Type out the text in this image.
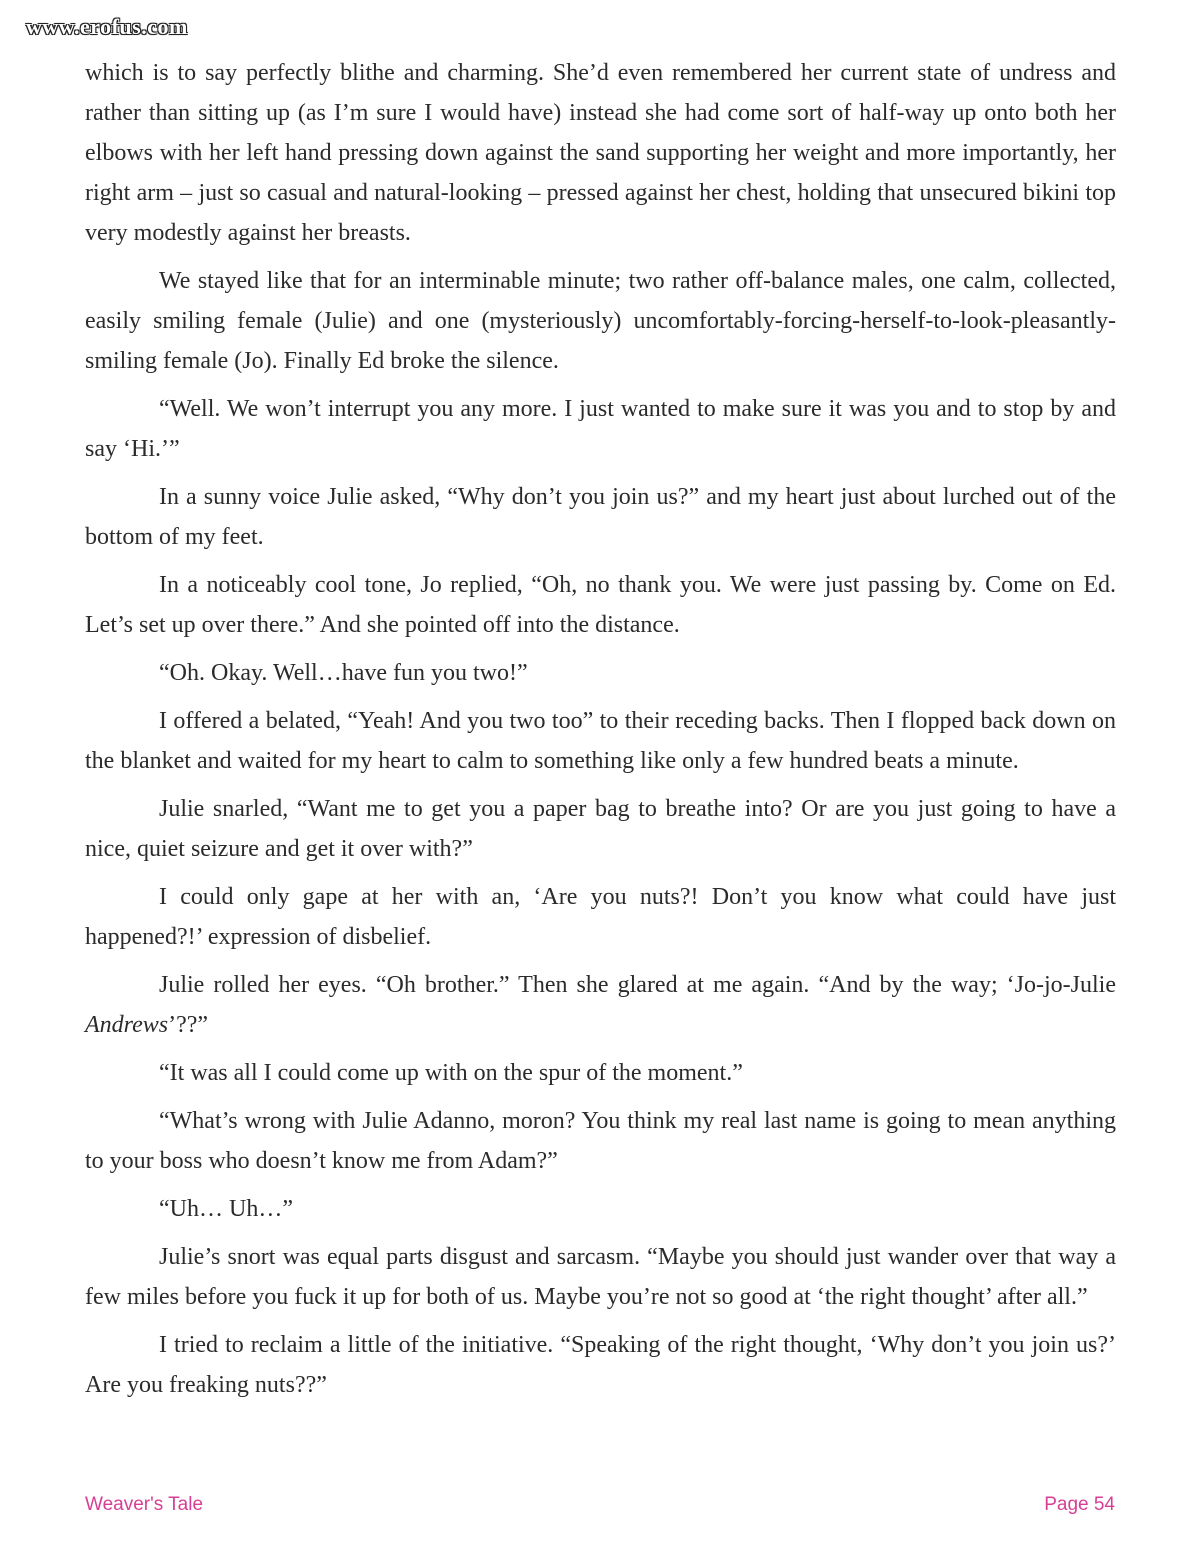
www.erofus.com

which is to say perfectly blithe and charming. She’d even remembered her current state of undress and rather than sitting up (as I’m sure I would have) instead she had come sort of half-way up onto both her elbows with her left hand pressing down against the sand supporting her weight and more importantly, her right arm – just so casual and natural-looking – pressed against her chest, holding that unsecured bikini top very modestly against her breasts.

We stayed like that for an interminable minute; two rather off-balance males, one calm, collected, easily smiling female (Julie) and one (mysteriously) uncomfortably-forcing-herself-to-look-pleasantly- smiling female (Jo). Finally Ed broke the silence.

“Well. We won’t interrupt you any more. I just wanted to make sure it was you and to stop by and say ‘Hi.’”

In a sunny voice Julie asked, “Why don’t you join us?” and my heart just about lurched out of the bottom of my feet.

In a noticeably cool tone, Jo replied, “Oh, no thank you. We were just passing by. Come on Ed. Let’s set up over there.” And she pointed off into the distance.

“Oh. Okay. Well…have fun you two!”

I offered a belated, “Yeah! And you two too” to their receding backs. Then I flopped back down on the blanket and waited for my heart to calm to something like only a few hundred beats a minute.

Julie snarled, “Want me to get you a paper bag to breathe into? Or are you just going to have a nice, quiet seizure and get it over with?”

I could only gape at her with an, ‘Are you nuts?! Don’t you know what could have just happened?!’ expression of disbelief.

Julie rolled her eyes. “Oh brother.” Then she glared at me again. “And by the way; ‘Jo-jo-Julie Andrews’??”

“It was all I could come up with on the spur of the moment.”

“What’s wrong with Julie Adanno, moron? You think my real last name is going to mean anything to your boss who doesn’t know me from Adam?”

“Uh… Uh…”

Julie’s snort was equal parts disgust and sarcasm. “Maybe you should just wander over that way a few miles before you fuck it up for both of us. Maybe you’re not so good at ‘the right thought’ after all.”

I tried to reclaim a little of the initiative. “Speaking of the right thought, ‘Why don’t you join us?’ Are you freaking nuts??”

Weaver's Tale	Page 54
